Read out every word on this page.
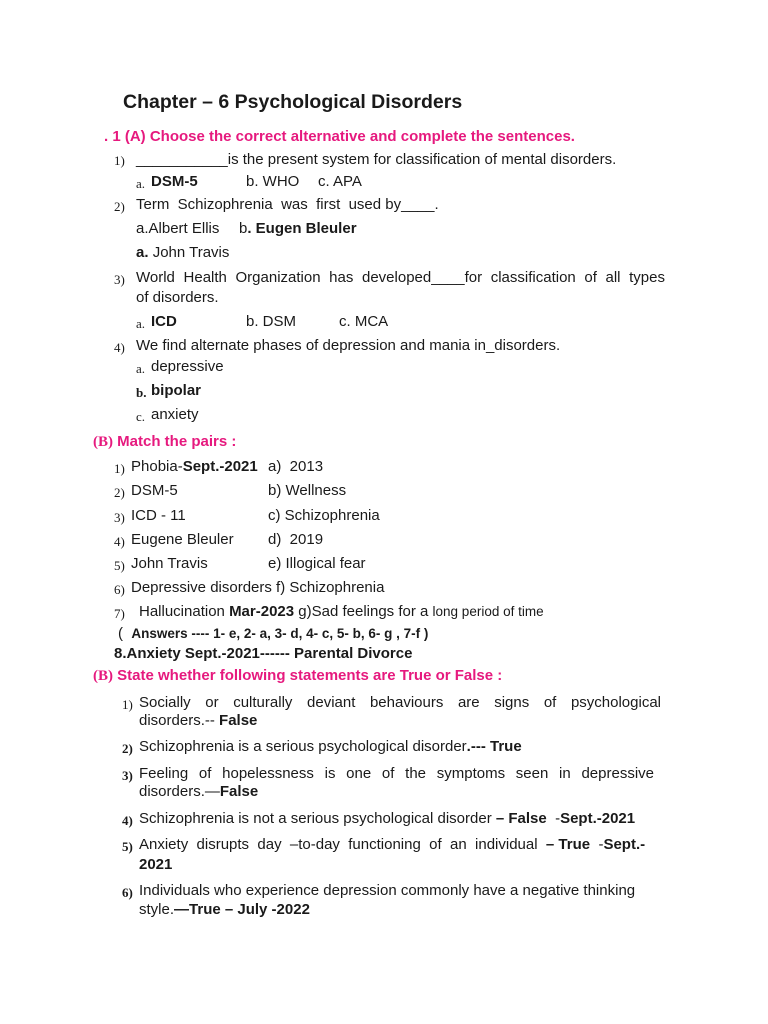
Chapter – 6 Psychological Disorders
. 1 (A) Choose the correct alternative and complete the sentences.
1) ___________is the present system for classification of mental disorders.
a. DSM-5	b. WHO c. APA
2) Term  Schizophrenia  was  first  used by____.
a.Albert Ellis b. Eugen Bleuler
a. John Travis
3) World Health Organization has developed____for classification of all types
of disorders.
a. ICD	b. DSM	c. MCA
4) We find alternate phases of depression and mania in_disorders.
a. depressive
b. bipolar
c. anxiety
(B) Match the pairs :
1) Phobia-Sept.-2021 a)  2013
2) DSM-5	b) Wellness
3) ICD - 11	c) Schizophrenia
4) Eugene Bleuler d)  2019
5) John Travis	e) Illogical fear
6) Depressive disorders f) Schizophrenia
7) Hallucination Mar-2023 g)Sad feelings for a long period of time
( Answers ---- 1- e, 2- a, 3- d, 4- c, 5- b, 6- g , 7-f )
8.Anxiety Sept.-2021------ Parental Divorce
(B) State whether following statements are True or False :
1) Socially or culturally deviant behaviours are signs of psychological
disorders.-- False
2) Schizophrenia is a serious psychological disorder.--- True
3) Feeling of hopelessness is one of the symptoms seen in depressive
disorders.—False
4) Schizophrenia is not a serious psychological disorder – False  -Sept.-2021
5) Anxiety  disrupts  day  –to-day  functioning  of  an  individual  – True  -Sept.-
2021
6) Individuals who experience depression commonly have a negative thinking
style.—True – July -2022
